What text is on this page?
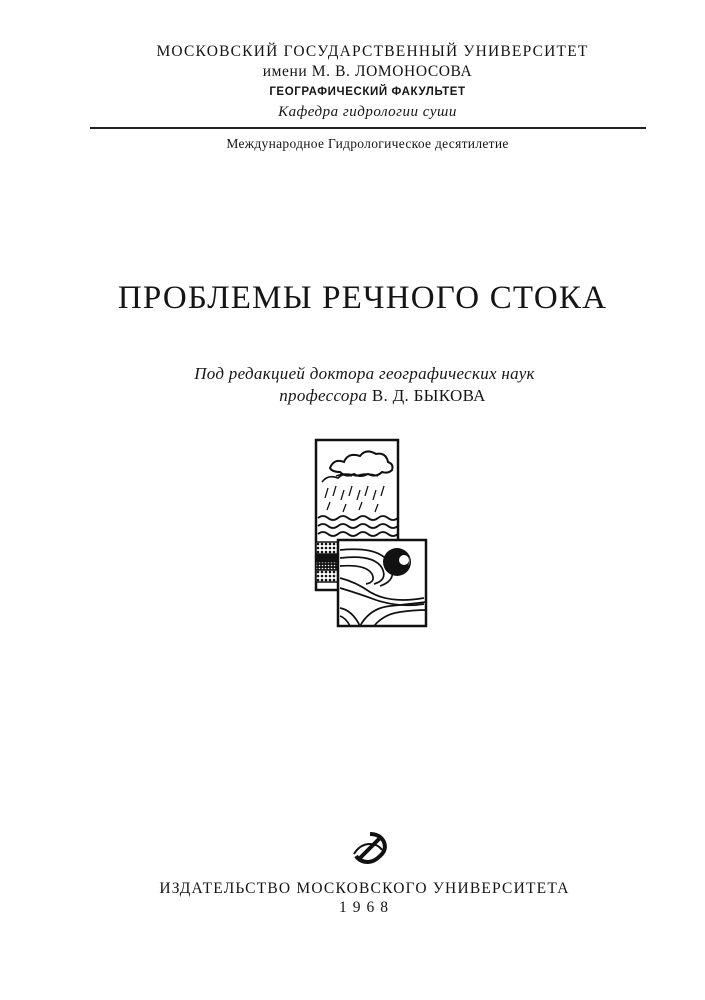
МОСКОВСКИЙ ГОСУДАРСТВЕННЫЙ УНИВЕРСИТЕТ
имени М. В. ЛОМОНОСОВА
ГЕОГРАФИЧЕСКИЙ ФАКУЛЬТЕТ
Кафедра гидрологии суши
Международное Гидрологическое десятилетие
ПРОБЛЕМЫ РЕЧНОГО СТОКА
Под редакцией доктора географических наук
профессора В. Д. БЫКОВА
ИЗДАТЕЛЬСТВО МОСКОВСКОГО УНИВЕРСИТЕТА
1968
